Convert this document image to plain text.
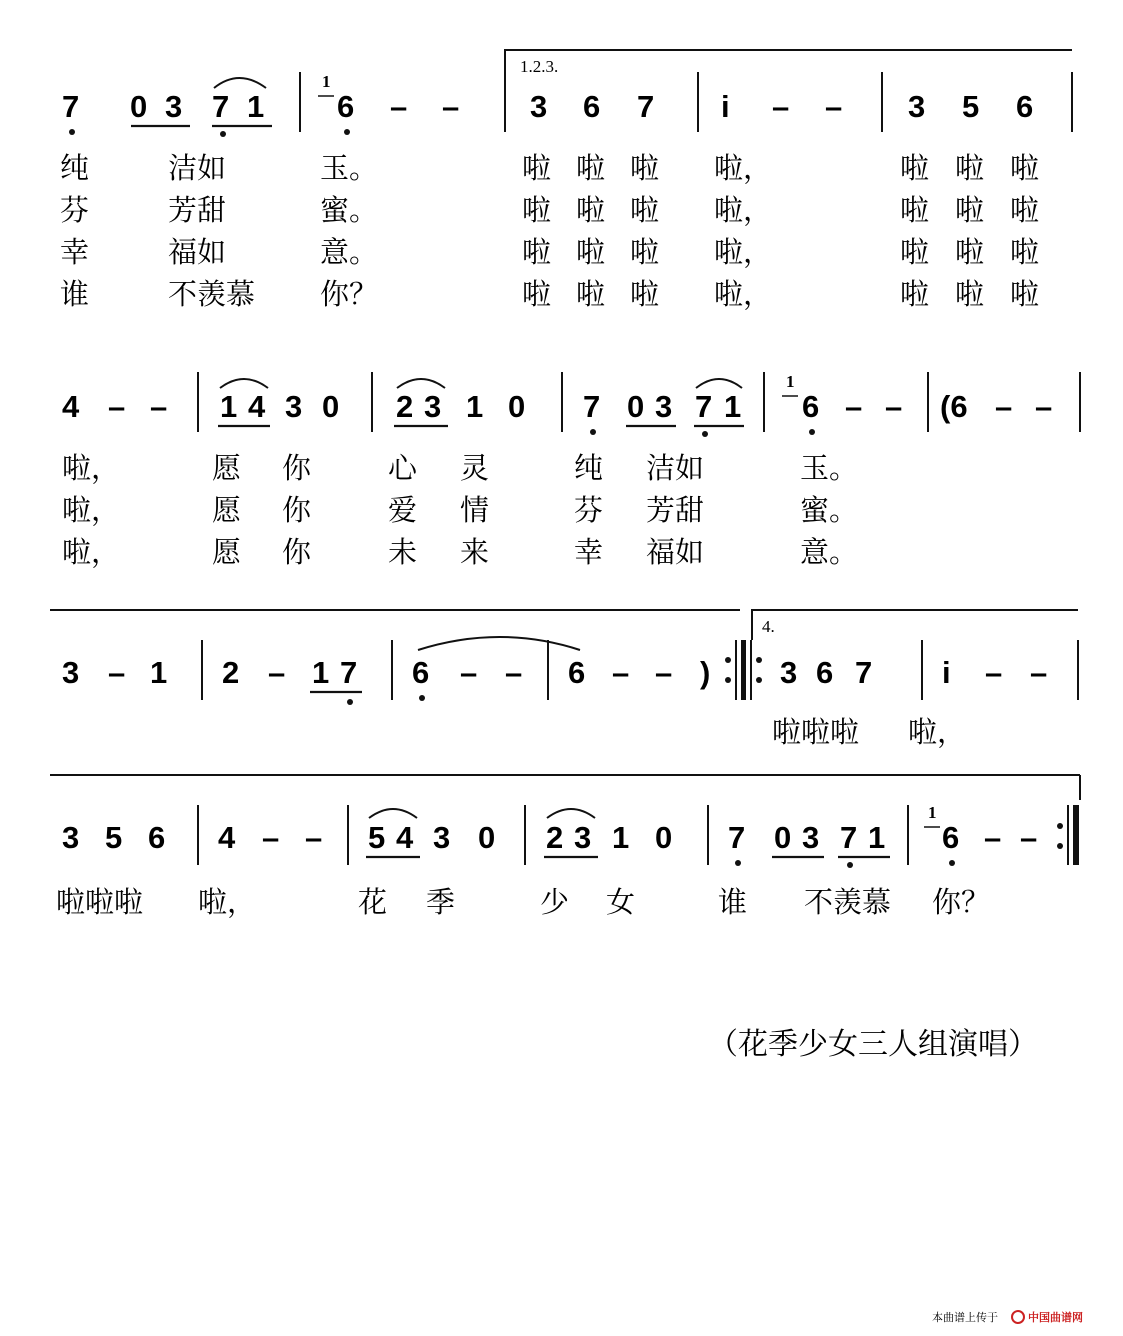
1.2.3.
7 0 3 7 1
1
6 – – 3 6 7 i – – 3 5 6
纯	洁如	玉。	啦 啦 啦 啦，	啦 啦 啦
芬	芳甜	蜜。	啦 啦 啦 啦，	啦 啦 啦
幸	福如	意。	啦 啦 啦 啦，	啦 啦 啦
谁	不羡慕 你？	啦 啦 啦 啦，	啦 啦 啦
4 – – 1 4 3 0 2 3 1 0 7 0 3 7 1
1
6 – – (6 – –
啦，	愿 你	心 灵	纯 洁如	玉。
啦，	愿 你	爱 情	芬 芳甜	蜜。
啦，	愿 你	未 来	幸 福如	意。
4.
3 – 1 2 – 1 7 6 – – 6 – – ) 3 6 7 i – –
啦啦啦 啦，
3 5 6 4 – – 5 4 3 0 2 3 1 0 7 0 3 7 1
1
6 – –
啦啦啦 啦，	花 季	少 女	谁 不羡慕 你？
（花季少女三人组演唱）
本曲谱上传于	中国曲谱网
